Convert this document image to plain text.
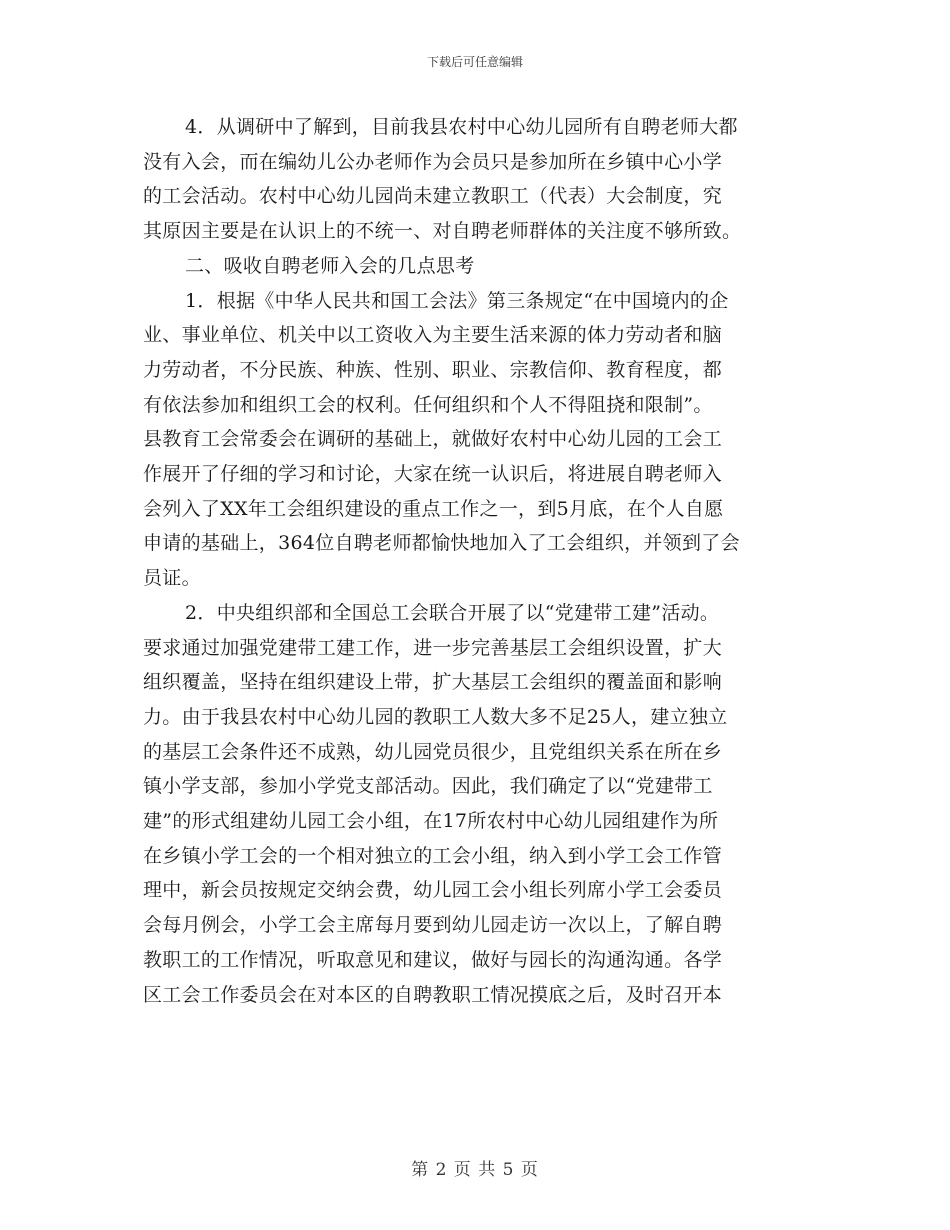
下载后可任意编辑
4．从调研中了解到，目前我县农村中心幼儿园所有自聘老师大都
没有入会，而在编幼儿公办老师作为会员只是参加所在乡镇中心小学
的工会活动。农村中心幼儿园尚未建立教职工（代表）大会制度，究
其原因主要是在认识上的不统一、对自聘老师群体的关注度不够所致。
二、吸收自聘老师入会的几点思考
1．根据《中华人民共和国工会法》第三条规定“在中国境内的企
业、事业单位、机关中以工资收入为主要生活来源的体力劳动者和脑
力劳动者，不分民族、种族、性别、职业、宗教信仰、教育程度，都
有依法参加和组织工会的权利。任何组织和个人不得阻挠和限制”。
县教育工会常委会在调研的基础上，就做好农村中心幼儿园的工会工
作展开了仔细的学习和讨论，大家在统一认识后，将进展自聘老师入
会列入了XX年工会组织建设的重点工作之一，到5月底，在个人自愿
申请的基础上，364位自聘老师都愉快地加入了工会组织，并领到了会
员证。
2．中央组织部和全国总工会联合开展了以“党建带工建”活动。
要求通过加强党建带工建工作，进一步完善基层工会组织设置，扩大
组织覆盖，坚持在组织建设上带，扩大基层工会组织的覆盖面和影响
力。由于我县农村中心幼儿园的教职工人数大多不足25人，建立独立
的基层工会条件还不成熟，幼儿园党员很少，且党组织关系在所在乡
镇小学支部，参加小学党支部活动。因此，我们确定了以“党建带工
建”的形式组建幼儿园工会小组，在17所农村中心幼儿园组建作为所
在乡镇小学工会的一个相对独立的工会小组，纳入到小学工会工作管
理中，新会员按规定交纳会费，幼儿园工会小组长列席小学工会委员
会每月例会，小学工会主席每月要到幼儿园走访一次以上，了解自聘
教职工的工作情况，听取意见和建议，做好与园长的沟通沟通。各学
区工会工作委员会在对本区的自聘教职工情况摸底之后，及时召开本
第 2 页 共 5 页
